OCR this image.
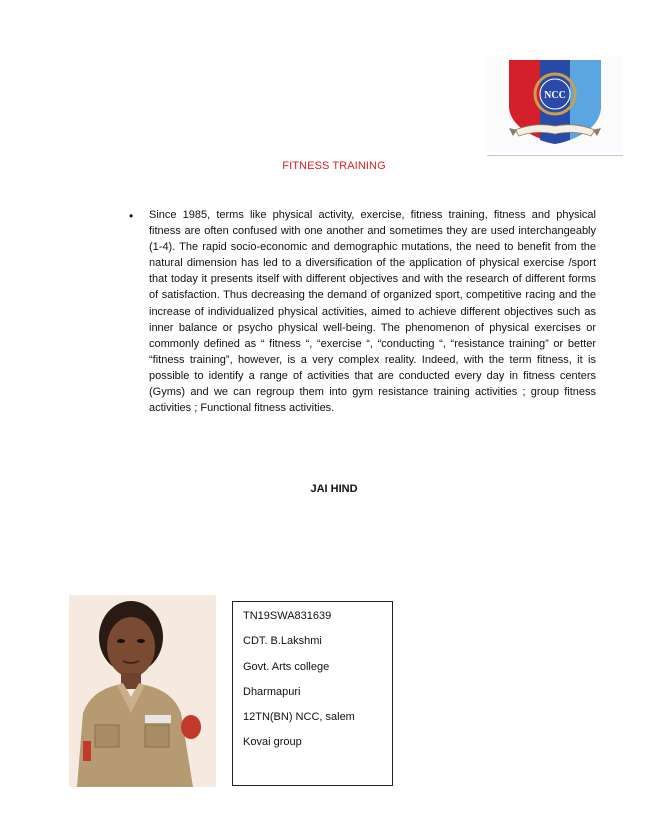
NCC
FITNESS TRAINING
• Since 1985, terms like physical activity, exercise, fitness training, fitness and physical fitness are often confused with one another and sometimes they are used interchangeably (1-4). The rapid socio-economic and demographic mutations, the need to benefit from the natural dimension has led to a diversification of the application of physical exercise /sport that today it presents itself with different objectives and with the research of different forms of satisfaction. Thus decreasing the demand of organized sport, competitive racing and the increase of individualized physical activities, aimed to achieve different objectives such as inner balance or psycho physical well-being. The phenomenon of physical exercises or commonly defined as “ fitness “, “exercise “, “conducting “, “resistance training” or better “fitness training”, however, is a very complex reality. Indeed, with the term fitness, it is possible to identify a range of activities that are conducted every day in fitness centers (Gyms) and we can regroup them into gym resistance training activities ; group fitness activities ; Functional fitness activities.

JAI HIND
TN19SWA831639
CDT. B.Lakshmi
Govt. Arts college
Dharmapuri
12TN(BN) NCC, salem
Kovai group
